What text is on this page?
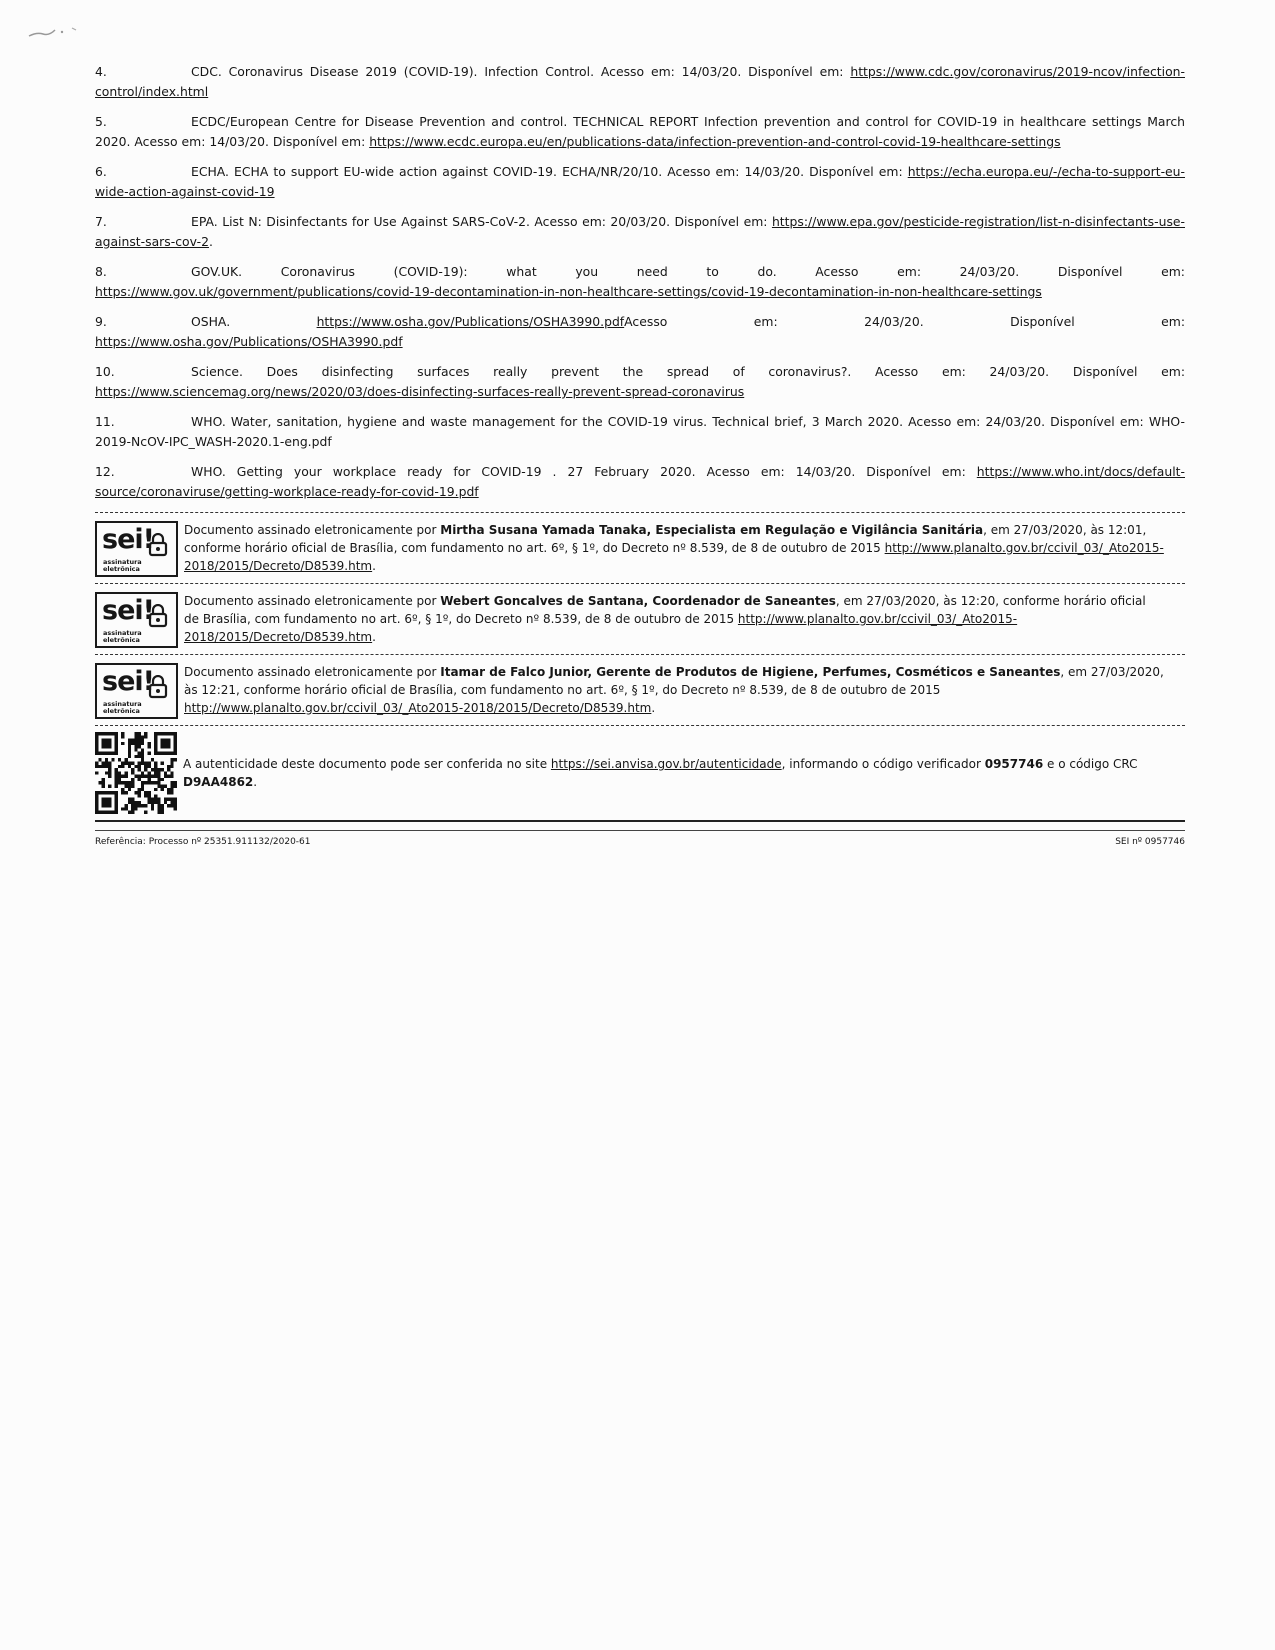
4.	CDC. Coronavirus Disease 2019 (COVID-19). Infection Control. Acesso em: 14/03/20. Disponível em: https://www.cdc.gov/coronavirus/2019-ncov/infection-control/index.html
5.	ECDC/European Centre for Disease Prevention and control. TECHNICAL REPORT Infection prevention and control for COVID-19 in healthcare settings March 2020. Acesso em: 14/03/20. Disponível em: https://www.ecdc.europa.eu/en/publications-data/infection-prevention-and-control-covid-19-healthcare-settings
6.	ECHA. ECHA to support EU-wide action against COVID-19. ECHA/NR/20/10. Acesso em: 14/03/20. Disponível em: https://echa.europa.eu/-/echa-to-support-eu-wide-action-against-covid-19
7.	EPA. List N: Disinfectants for Use Against SARS-CoV-2. Acesso em: 20/03/20. Disponível em: https://www.epa.gov/pesticide-registration/list-n-disinfectants-use-against-sars-cov-2.
8.	GOV.UK. Coronavirus (COVID-19): what you need to do. Acesso em: 24/03/20. Disponível em:
https://www.gov.uk/government/publications/covid-19-decontamination-in-non-healthcare-settings/covid-19-decontamination-in-non-healthcare-settings
9.	OSHA. https://www.osha.gov/Publications/OSHA3990.pdfAcesso em: 24/03/20. Disponível em:
https://www.osha.gov/Publications/OSHA3990.pdf
10.	Science. Does disinfecting surfaces really prevent the spread of coronavirus?. Acesso em: 24/03/20. Disponível em:
https://www.sciencemag.org/news/2020/03/does-disinfecting-surfaces-really-prevent-spread-coronavirus
11.	WHO. Water, sanitation, hygiene and waste management for the COVID-19 virus. Technical brief, 3 March 2020. Acesso em: 24/03/20. Disponível em: WHO-2019-NcOV-IPC_WASH-2020.1-eng.pdf
12.	WHO. Getting your workplace ready for COVID-19 . 27 February 2020. Acesso em: 14/03/20. Disponível em: https://www.who.int/docs/default-source/coronaviruse/getting-workplace-ready-for-covid-19.pdf
sei!
assinatura
eletrônica
Documento assinado eletronicamente por Mirtha Susana Yamada Tanaka, Especialista em Regulação e Vigilância Sanitária, em 27/03/2020, às 12:01, conforme horário oficial de Brasília, com fundamento no art. 6º, § 1º, do Decreto nº 8.539, de 8 de outubro de 2015 http://www.planalto.gov.br/ccivil_03/_Ato2015-2018/2015/Decreto/D8539.htm.
sei!
assinatura
eletrônica
Documento assinado eletronicamente por Webert Goncalves de Santana, Coordenador de Saneantes, em 27/03/2020, às 12:20, conforme horário oficial de Brasília, com fundamento no art. 6º, § 1º, do Decreto nº 8.539, de 8 de outubro de 2015 http://www.planalto.gov.br/ccivil_03/_Ato2015-2018/2015/Decreto/D8539.htm.
sei!
assinatura
eletrônica
Documento assinado eletronicamente por Itamar de Falco Junior, Gerente de Produtos de Higiene, Perfumes, Cosméticos e Saneantes, em 27/03/2020, às 12:21, conforme horário oficial de Brasília, com fundamento no art. 6º, § 1º, do Decreto nº 8.539, de 8 de outubro de 2015 http://www.planalto.gov.br/ccivil_03/_Ato2015-2018/2015/Decreto/D8539.htm.
A autenticidade deste documento pode ser conferida no site https://sei.anvisa.gov.br/autenticidade, informando o código verificador 0957746 e o código CRC D9AA4862.
Referência: Processo nº 25351.911132/2020-61	SEI nº 0957746
